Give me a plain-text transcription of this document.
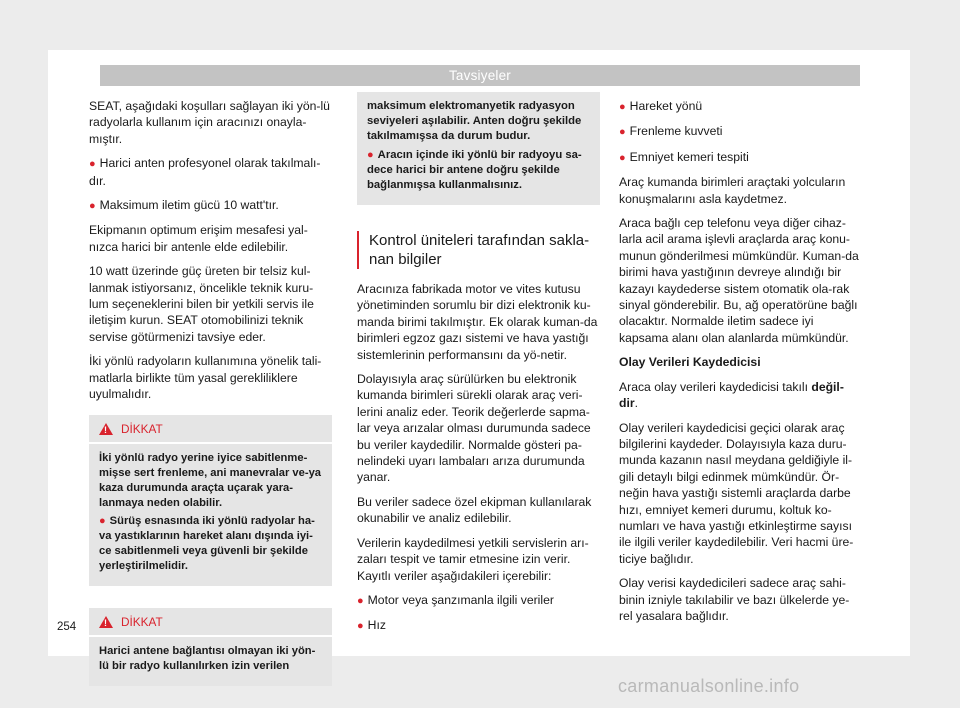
Tavsiyeler

SEAT, aşağıdaki koşulları sağlayan iki yön-lü radyolarla kullanım için aracınızı onayla-mıştır.

● Harici anten profesyonel olarak takılmalı-dır.

● Maksimum iletim gücü 10 watt'tır.

Ekipmanın optimum erişim mesafesi yal-nızca harici bir antenle elde edilebilir.

10 watt üzerinde güç üreten bir telsiz kul-lanmak istiyorsanız, öncelikle teknik kuru-lum seçeneklerini bilen bir yetkili servis ile iletişim kurun. SEAT otomobilinizi teknik servise götürmenizi tavsiye eder.

İki yönlü radyoların kullanımına yönelik tali-matlarla birlikte tüm yasal gerekliliklere uyulmalıdır.

!
DİKKAT

İki yönlü radyo yerine iyice sabitlenme-mişse sert frenleme, ani manevralar ve-ya kaza durumunda araçta uçarak yara-lanmaya neden olabilir.

● Sürüş esnasında iki yönlü radyolar ha-va yastıklarının hareket alanı dışında iyi-ce sabitlenmeli veya güvenli bir şekilde yerleştirilmelidir.

!
DİKKAT

Harici antene bağlantısı olmayan iki yön-lü bir radyo kullanılırken izin verilen

maksimum elektromanyetik radyasyon seviyeleri aşılabilir. Anten doğru şekilde takılmamışsa da durum budur.

● Aracın içinde iki yönlü bir radyoyu sa-dece harici bir antene doğru şekilde bağlanmışsa kullanmalısınız.

Kontrol üniteleri tarafından sakla-nan bilgiler

Aracınıza fabrikada motor ve vites kutusu yönetiminden sorumlu bir dizi elektronik ku-manda birimi takılmıştır. Ek olarak kuman-da birimleri egzoz gazı sistemi ve hava yastığı sistemlerinin performansını da yö-netir.

Dolayısıyla araç sürülürken bu elektronik kumanda birimleri sürekli olarak araç veri-lerini analiz eder. Teorik değerlerde sapma-lar veya arızalar olması durumunda sadece bu veriler kaydedilir. Normalde gösteri pa-nelindeki uyarı lambaları arıza durumunda yanar.

Bu veriler sadece özel ekipman kullanılarak okunabilir ve analiz edilebilir.

Verilerin kaydedilmesi yetkili servislerin arı-zaları tespit ve tamir etmesine izin verir. Kayıtlı veriler aşağıdakileri içerebilir:

● Motor veya şanzımanla ilgili veriler

● Hız

● Hareket yönü

● Frenleme kuvveti

● Emniyet kemeri tespiti

Araç kumanda birimleri araçtaki yolcuların konuşmalarını asla kaydetmez.

Araca bağlı cep telefonu veya diğer cihaz-larla acil arama işlevli araçlarda araç konu-munun gönderilmesi mümkündür. Kuman-da birimi hava yastığının devreye alındığı bir kazayı kaydederse sistem otomatik ola-rak sinyal gönderebilir. Bu, ağ operatörüne bağlı olacaktır. Normalde iletim sadece iyi kapsama alanı olan alanlarda mümkündür.

Olay Verileri Kaydedicisi

Araca olay verileri kaydedicisi takılı değil-dir.

Olay verileri kaydedicisi geçici olarak araç bilgilerini kaydeder. Dolayısıyla kaza duru-munda kazanın nasıl meydana geldiğiyle il-gili detaylı bilgi edinmek mümkündür. Ör-neğin hava yastığı sistemli araçlarda darbe hızı, emniyet kemeri durumu, koltuk ko-numları ve hava yastığı etkinleştirme sayısı ile ilgili veriler kaydedilebilir. Veri hacmi üre-ticiye bağlıdır.

Olay verisi kaydedicileri sadece araç sahi-binin izniyle takılabilir ve bazı ülkelerde ye-rel yasalara bağlıdır.

254
carmanualsonline.info
